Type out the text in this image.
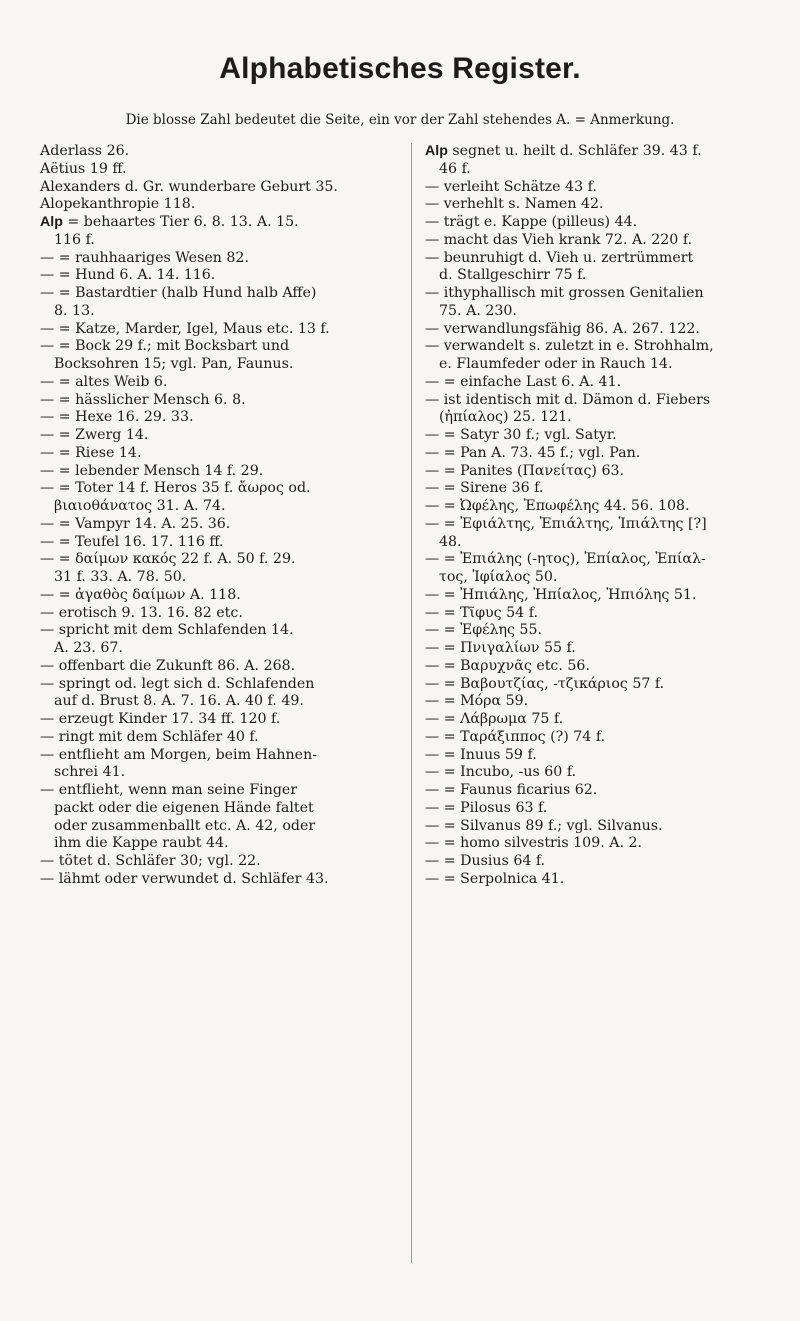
Alphabetisches Register.
Die blosse Zahl bedeutet die Seite, ein vor der Zahl stehendes A. = Anmerkung.
Aderlass 26.
Aëtius 19 ff.
Alexanders d. Gr. wunderbare Geburt 35.
Alopekanthropie 118.
Alp = behaartes Tier 6. 8. 13. A. 15.
116 f.
— = rauhhaariges Wesen 82.
— = Hund 6. A. 14. 116.
— = Bastardtier (halb Hund halb Affe)
8. 13.
— = Katze, Marder, Igel, Maus etc. 13 f.
— = Bock 29 f.; mit Bocksbart und
Bocksohren 15; vgl. Pan, Faunus.
— = altes Weib 6.
— = hässlicher Mensch 6. 8.
— = Hexe 16. 29. 33.
— = Zwerg 14.
— = Riese 14.
— = lebender Mensch 14 f. 29.
— = Toter 14 f. Heros 35 f. ἄωρος od.
βιαιοθάνατος 31. A. 74.
— = Vampyr 14. A. 25. 36.
— = Teufel 16. 17. 116 ff.
— = δαίμων κακός 22 f. A. 50 f. 29.
31 f. 33. A. 78. 50.
— = ἀγαθὸς δαίμων A. 118.
— erotisch 9. 13. 16. 82 etc.
— spricht mit dem Schlafenden 14.
A. 23. 67.
— offenbart die Zukunft 86. A. 268.
— springt od. legt sich d. Schlafenden
auf d. Brust 8. A. 7. 16. A. 40 f. 49.
— erzeugt Kinder 17. 34 ff. 120 f.
— ringt mit dem Schläfer 40 f.
— entflieht am Morgen, beim Hahnen-
schrei 41.
— entflieht, wenn man seine Finger
packt oder die eigenen Hände faltet
oder zusammenballt etc. A. 42, oder
ihm die Kappe raubt 44.
— tötet d. Schläfer 30; vgl. 22.
— lähmt oder verwundet d. Schläfer 43.
Alp segnet u. heilt d. Schläfer 39. 43 f.
46 f.
— verleiht Schätze 43 f.
— verhehlt s. Namen 42.
— trägt e. Kappe (pilleus) 44.
— macht das Vieh krank 72. A. 220 f.
— beunruhigt d. Vieh u. zertrümmert
d. Stallgeschirr 75 f.
— ithyphallisch mit grossen Genitalien
75. A. 230.
— verwandlungsfähig 86. A. 267. 122.
— verwandelt s. zuletzt in e. Strohhalm,
e. Flaumfeder oder in Rauch 14.
— = einfache Last 6. A. 41.
— ist identisch mit d. Dämon d. Fiebers
(ἠπίαλος) 25. 121.
— = Satyr 30 f.; vgl. Satyr.
— = Pan A. 73. 45 f.; vgl. Pan.
— = Panites (Πανείτας) 63.
— = Sirene 36 f.
— = Ὠφέλης, Ἐπωφέλης 44. 56. 108.
— = Ἐφιάλτης, Ἐπιάλτης, Ἱπιάλτης [?]
48.
— = Ἐπιάλης (-ητος), Ἐπίαλος, Ἐπίαλ-
τος, Ἰφίαλος 50.
— = Ἠπιάλης, Ἠπίαλος, Ἠπιόλης 51.
— = Τῖφυς 54 f.
— = Ἐφέλης 55.
— = Πνιγαλίων 55 f.
— = Βαρυχνᾶς etc. 56.
— = Βαβουτζίας, -τζικάριος 57 f.
— = Μόρα 59.
— = Λάβρωμα 75 f.
— = Ταράξιππος (?) 74 f.
— = Inuus 59 f.
— = Incubo, -us 60 f.
— = Faunus ficarius 62.
— = Pilosus 63 f.
— = Silvanus 89 f.; vgl. Silvanus.
— = homo silvestris 109. A. 2.
— = Dusius 64 f.
— = Serpolnica 41.
